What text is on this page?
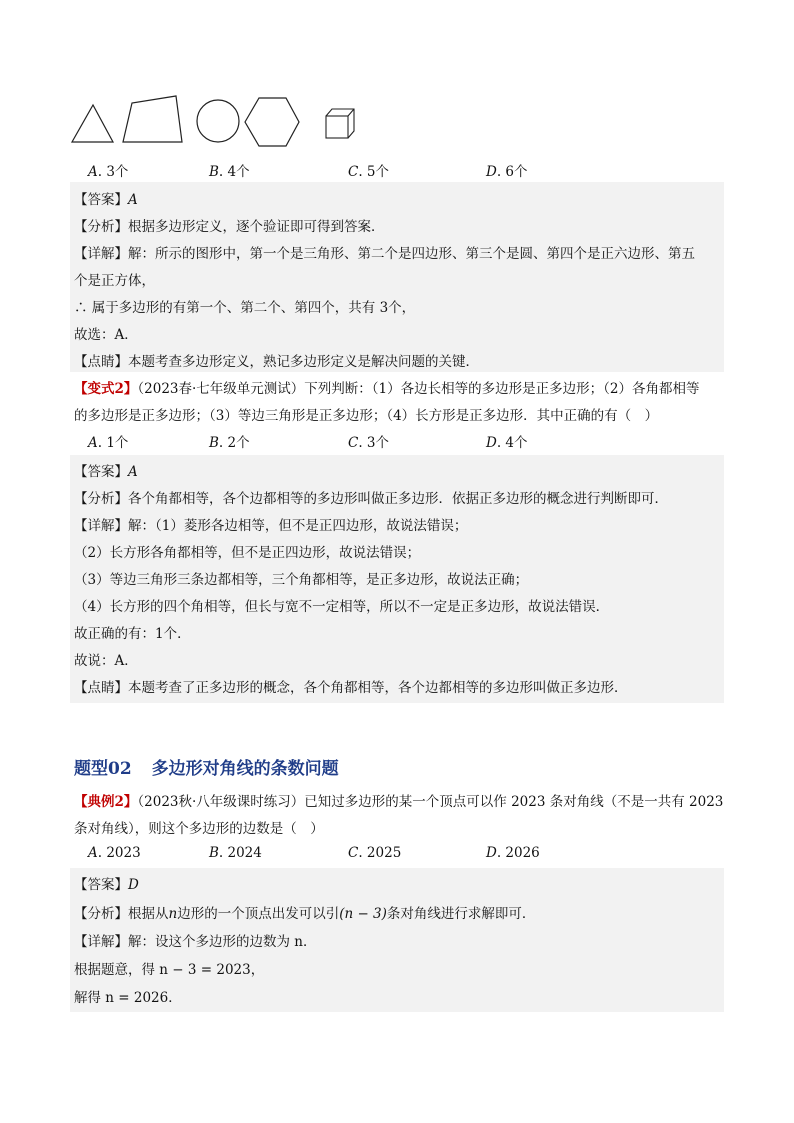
A. 3个	B. 4个	C. 5个	D. 6个
【答案】A
【分析】根据多边形定义，逐个验证即可得到答案．
【详解】解：所示的图形中，第一个是三角形、第二个是四边形、第三个是圆、第四个是正六边形、第五
个是正方体，
∴ 属于多边形的有第一个、第二个、第四个，共有 3个，
故选：A．
【点睛】本题考查多边形定义，熟记多边形定义是解决问题的关键．
【变式2】（2023春·七年级单元测试）下列判断：（1）各边长相等的多边形是正多边形；（2）各角都相等
的多边形是正多边形；（3）等边三角形是正多边形；（4）长方形是正多边形．其中正确的有（　）
A. 1个	B. 2个	C. 3个	D. 4个
【答案】A
【分析】各个角都相等，各个边都相等的多边形叫做正多边形．依据正多边形的概念进行判断即可．
【详解】解：（1）菱形各边相等，但不是正四边形，故说法错误；
（2）长方形各角都相等，但不是正四边形，故说法错误；
（3）等边三角形三条边都相等，三个角都相等，是正多边形，故说法正确；
（4）长方形的四个角相等，但长与宽不一定相等，所以不一定是正多边形，故说法错误．
故正确的有：1个．
故说：A．
【点睛】本题考查了正多边形的概念，各个角都相等，各个边都相等的多边形叫做正多边形．
题型02 多边形对角线的条数问题
【典例2】（2023秋·八年级课时练习）已知过多边形的某一个顶点可以作 2023 条对角线（不是一共有 2023
条对角线），则这个多边形的边数是（　）
A. 2023	B. 2024	C. 2025	D. 2026
【答案】D
【分析】根据从n边形的一个顶点出发可以引(n − 3)条对角线进行求解即可．
【详解】解：设这个多边形的边数为 n．
根据题意，得 n − 3 = 2023，
解得 n = 2026．
